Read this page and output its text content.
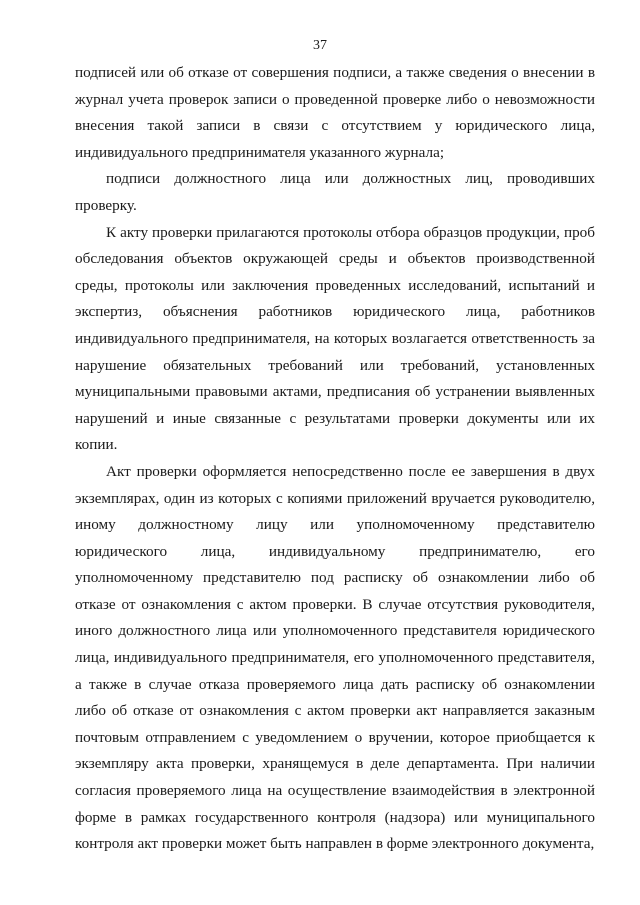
37

подписей или об отказе от совершения подписи, а также сведения о внесении в журнал учета проверок записи о проведенной проверке либо о невозможности внесения такой записи в связи с отсутствием у юридического лица, индивидуального предпринимателя указанного журнала;

подписи должностного лица или должностных лиц, проводивших проверку.

К акту проверки прилагаются протоколы отбора образцов продукции, проб обследования объектов окружающей среды и объектов производственной среды, протоколы или заключения проведенных исследований, испытаний и экспертиз, объяснения работников юридического лица, работников индивидуального предпринимателя, на которых возлагается ответственность за нарушение обязательных требований или требований, установленных муниципальными правовыми актами, предписания об устранении выявленных нарушений и иные связанные с результатами проверки документы или их копии.

Акт проверки оформляется непосредственно после ее завершения в двух экземплярах, один из которых с копиями приложений вручается руководителю, иному должностному лицу или уполномоченному представителю юридического лица, индивидуальному предпринимателю, его уполномоченному представителю под расписку об ознакомлении либо об отказе от ознакомления с актом проверки. В случае отсутствия руководителя, иного должностного лица или уполномоченного представителя юридического лица, индивидуального предпринимателя, его уполномоченного представителя, а также в случае отказа проверяемого лица дать расписку об ознакомлении либо об отказе от ознакомления с актом проверки акт направляется заказным почтовым отправлением с уведомлением о вручении, которое приобщается к экземпляру акта проверки, хранящемуся в деле департамента. При наличии согласия проверяемого лица на осуществление взаимодействия в электронной форме в рамках государственного контроля (надзора) или муниципального контроля акт проверки может быть направлен в форме электронного документа,
